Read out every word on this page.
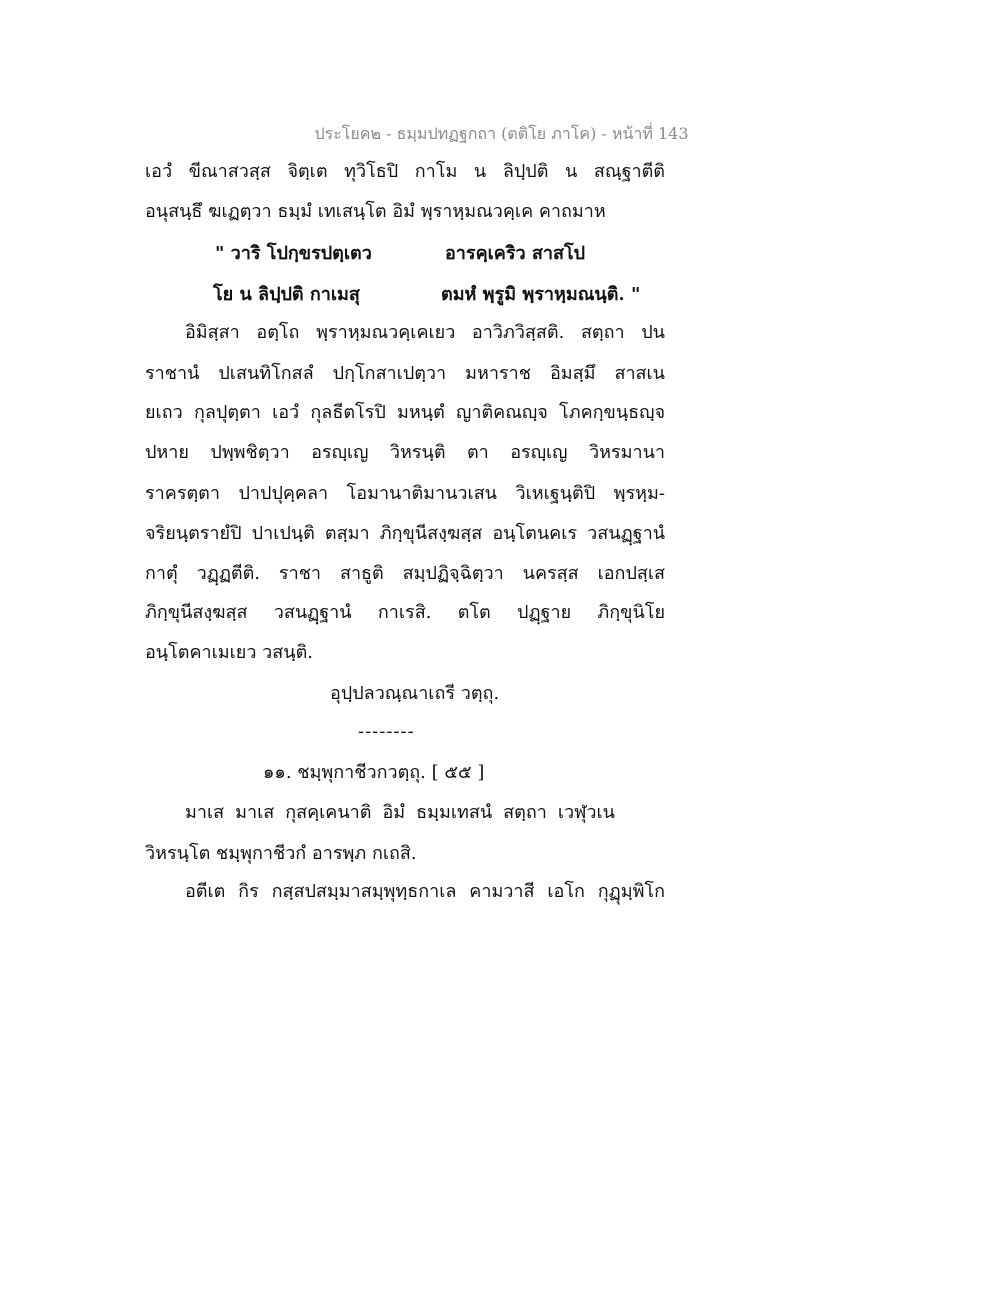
ประโยค๒ - ธมฺมปทฏฐกถา (ตติโย ภาโค) - หน้าที่ 143
เอวํ ขีณาสวสฺส จิตฺเต ทุวิโธปิ กาโม น ลิปฺปติ น สณฺฐาตีติ
อนุสนฺธึ ฆเฏตฺวา ธมฺมํ เทเสนฺโต อิมํ พฺราหฺมณวคฺเค คาถมาห
" วาริ โปกฺขรปตฺเตว	อารคฺเคริว สาสโป
โย น ลิปฺปติ กาเมสุ	ตมหํ พฺรูมิ พฺราหฺมณนฺติ. "
อิมิสฺสา อตฺโถ พฺราหฺมณวคฺเคเยว อาวิภวิสฺสติ. สตฺถา ปน
ราชานํ ปเสนทิโกสลํ ปกฺโกสาเปตฺวา มหาราช อิมสฺมึ สาสเน
ยเถว กุลปุตฺตา เอวํ กุลธีตโรปิ มหนฺตํ ญาติคณญฺจ โภคกฺขนฺธญฺจ
ปหาย ปพฺพชิตฺวา อรญฺเญ วิหรนฺติ ตา อรญฺเญ วิหรมานา
ราครตฺตา ปาปปุคฺคลา โอมานาติมานวเสน วิเหเฐนฺติปิ พฺรหฺม-
จริยนฺตรายํปิ ปาเปนฺติ ตสฺมา ภิกฺขุนีสงฺฆสฺส อนฺโตนคเร วสนฏฺฐานํ
กาตุํ วฏฺฏตีติ. ราชา สาธูติ สมฺปฏิจฺฉิตฺวา นครสฺส เอกปสฺเส
ภิกฺขุนีสงฺฆสฺส วสนฏฺฐานํ กาเรสิ. ตโต ปฏฺฐาย ภิกฺขุนิโย
อนฺโตคาเมเยว วสนฺติ.
อุปฺปลวณฺณาเถรี วตฺถุ.
--------
๑๑. ชมฺพุกาชีวกวตฺถุ. [ ๕๕ ]
มาเส มาเส กุสคฺเคนาติ อิมํ ธมฺมเทสนํ สตฺถา เวฬุวเน
วิหรนฺโต ชมฺพุกาชีวกํ อารพฺภ กเถสิ.
อตีเต กิร กสฺสปสมฺมาสมฺพุทฺธกาเล คามวาสี เอโก กุฏุมฺพิโก
